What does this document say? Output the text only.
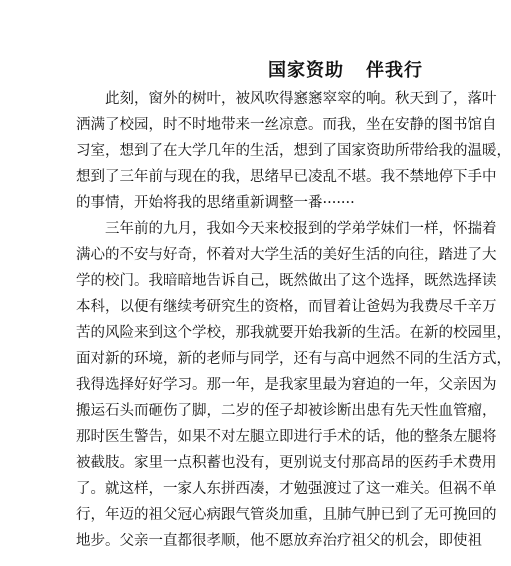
国家资助 伴我行
　　此刻，窗外的树叶，被风吹得窸窸窣窣的响。秋天到了，落叶
洒满了校园，时不时地带来一丝凉意。而我，坐在安静的图书馆自
习室，想到了在大学几年的生活，想到了国家资助所带给我的温暖，
想到了三年前与现在的我，思绪早已凌乱不堪。我不禁地停下手中
的事情，开始将我的思绪重新调整一番·······
　　三年前的九月，我如今天来校报到的学弟学妹们一样，怀揣着
满心的不安与好奇，怀着对大学生活的美好生活的向往，踏进了大
学的校门。我暗暗地告诉自己，既然做出了这个选择，既然选择读
本科，以便有继续考研究生的资格，而冒着让爸妈为我费尽千辛万
苦的风险来到这个学校，那我就要开始我新的生活。在新的校园里，
面对新的环境，新的老师与同学，还有与高中迥然不同的生活方式，
我得选择好好学习。那一年，是我家里最为窘迫的一年，父亲因为
搬运石头而砸伤了脚，二岁的侄子却被诊断出患有先天性血管瘤，
那时医生警告，如果不对左腿立即进行手术的话，他的整条左腿将
被截肢。家里一点积蓄也没有，更别说支付那高昂的医药手术费用
了。就这样，一家人东拼西凑，才勉强渡过了这一难关。但祸不单
行，年迈的祖父冠心病跟气管炎加重，且肺气肿已到了无可挽回的
地步。父亲一直都很孝顺，他不愿放弃治疗祖父的机会，即使祖
